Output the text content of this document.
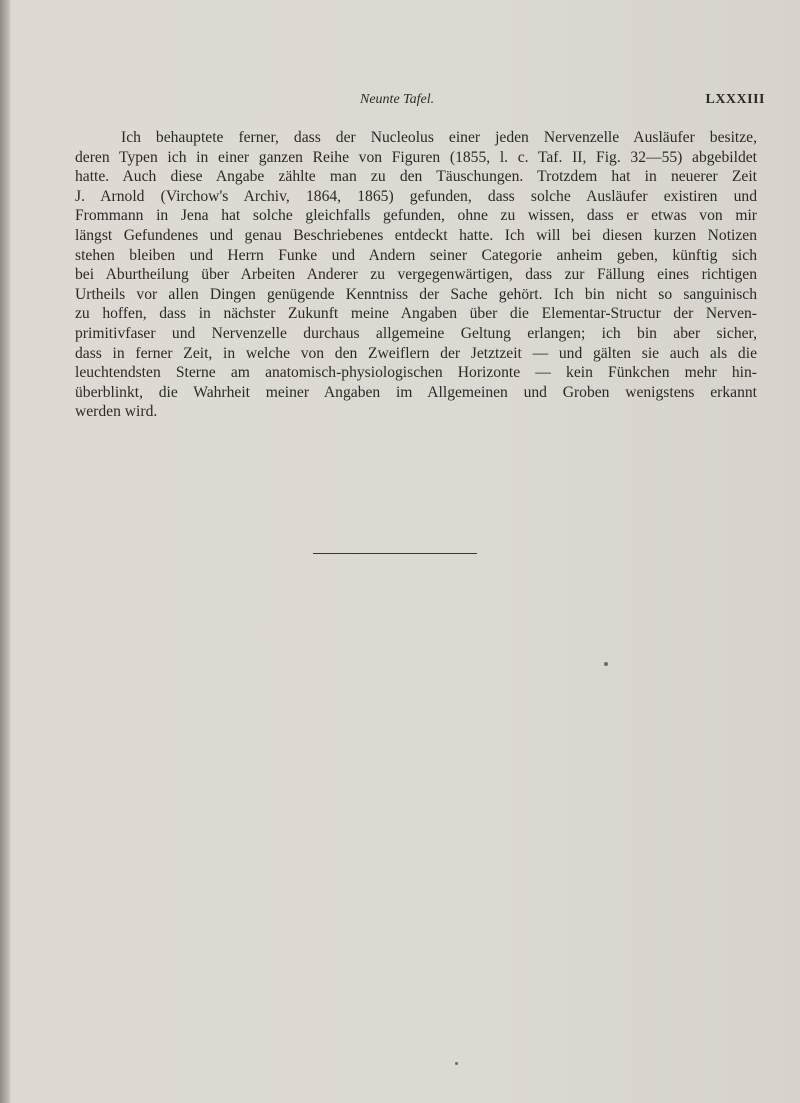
Neunte Tafel.	LXXXIII
Ich behauptete ferner, dass der Nucleolus einer jeden Nervenzelle Ausläufer besitze,
deren Typen ich in einer ganzen Reihe von Figuren (1855, l. c. Taf. II, Fig. 32—55) abgebildet
hatte. Auch diese Angabe zählte man zu den Täuschungen. Trotzdem hat in neuerer Zeit
J. Arnold (Virchow's Archiv, 1864, 1865) gefunden, dass solche Ausläufer existiren und
Frommann in Jena hat solche gleichfalls gefunden, ohne zu wissen, dass er etwas von mir
längst Gefundenes und genau Beschriebenes entdeckt hatte. Ich will bei diesen kurzen Notizen
stehen bleiben und Herrn Funke und Andern seiner Categorie anheim geben, künftig sich
bei Aburtheilung über Arbeiten Anderer zu vergegenwärtigen, dass zur Fällung eines richtigen
Urtheils vor allen Dingen genügende Kenntniss der Sache gehört. Ich bin nicht so sanguinisch
zu hoffen, dass in nächster Zukunft meine Angaben über die Elementar-Structur der Nerven-
primitivfaser und Nervenzelle durchaus allgemeine Geltung erlangen; ich bin aber sicher,
dass in ferner Zeit, in welche von den Zweiflern der Jetztzeit — und gälten sie auch als die
leuchtendsten Sterne am anatomisch-physiologischen Horizonte — kein Fünkchen mehr hin-
überblinkt, die Wahrheit meiner Angaben im Allgemeinen und Groben wenigstens erkannt
werden wird.
